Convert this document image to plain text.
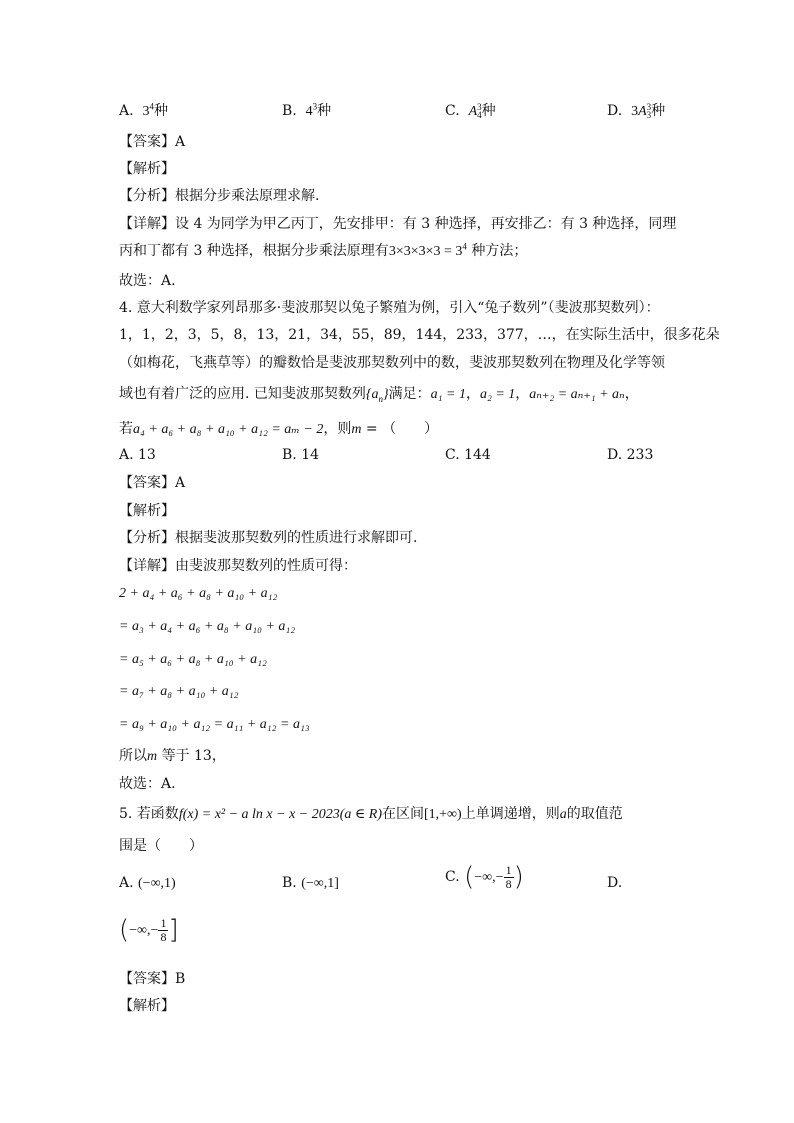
A. $3^4$种	B. $4^3$种	C. A 3
4 种	D. 3A 3
3 种
【答案】A
【解析】
【分析】根据分步乘法原理求解.
【详解】设 4 为同学为甲乙丙丁，先安排甲：有 3 种选择，再安排乙：有 3 种选择，同理
丙和丁都有 3 种选择，根据分步乘法原理有$3\times 3\times 3\times 3 = 3^4$ 种方法；
故选：A.
4. 意大利数学家列昂那多·斐波那契以兔子繁殖为例，引入“兔子数列”（斐波那契数列）：
1，1，2，3，5，8，13，21，34，55，89，144，233，377，…，在实际生活中，很多花朵
（如梅花，飞燕草等）的瓣数恰是斐波那契数列中的数，斐波那契数列在物理及化学等领
域也有着广泛的应用. 已知斐波那契数列$\{a_n\}$满足：a₁ = 1，a₂ = 1，aₙ₊₂ = aₙ₊₁ + aₙ，
若a₄ + a₆ + a₈ + a₁₀ + a₁₂ = aₘ − 2，则m = （　　）
A. 13	B. 14	C. 144	D. 233
【答案】A
【解析】
【分析】根据斐波那契数列的性质进行求解即可.
【详解】由斐波那契数列的性质可得：
2 + a₄ + a₆ + a₈ + a₁₀ + a₁₂
= a₃ + a₄ + a₆ + a₈ + a₁₀ + a₁₂
= a₅ + a₆ + a₈ + a₁₀ + a₁₂
= a₇ + a₈ + a₁₀ + a₁₂
= a₉ + a₁₀ + a₁₂ = a₁₁ + a₁₂ = a₁₃
所以m 等于 13，
故选：A.
5. 若函数f(x) = x² − a ln x − x − 2023(a ∈ R)在区间[1,+∞)上单调递增，则a的取值范
围是（　　）
A. (−∞,1)	B. (−∞,1]	C. (−∞,− $\frac{1}{8}$ )	D.
(−∞,− $\frac{1}{8}$ ]
【答案】B
【解析】
